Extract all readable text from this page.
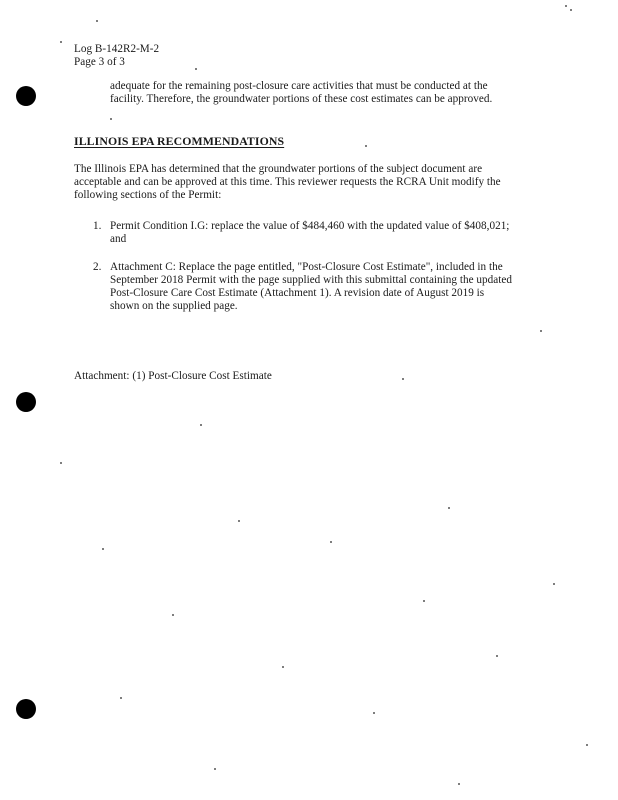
Log B-142R2-M-2
Page 3 of 3
adequate for the remaining post-closure care activities that must be conducted at the
facility. Therefore, the groundwater portions of these cost estimates can be approved.
ILLINOIS EPA RECOMMENDATIONS
The Illinois EPA has determined that the groundwater portions of the subject document are
acceptable and can be approved at this time. This reviewer requests the RCRA Unit modify the
following sections of the Permit:
1. Permit Condition I.G: replace the value of $484,460 with the updated value of $408,021;
and
2. Attachment C: Replace the page entitled, "Post-Closure Cost Estimate", included in the
September 2018 Permit with the page supplied with this submittal containing the updated
Post-Closure Care Cost Estimate (Attachment 1). A revision date of August 2019 is
shown on the supplied page.
Attachment: (1) Post-Closure Cost Estimate
